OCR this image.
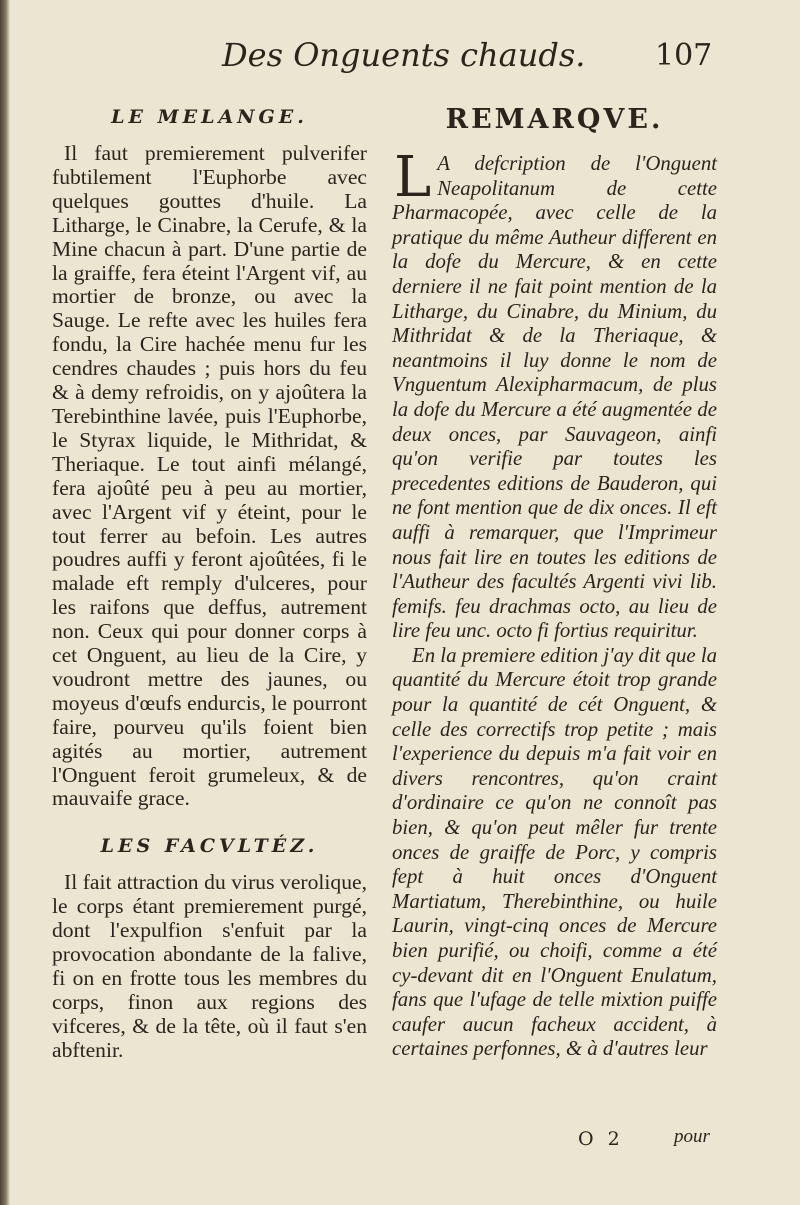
Des Onguents chauds. 107
LE MELANGE.

Il faut premierement pulverifer fubtilement l'Euphorbe avec quelques gouttes d'huile. La Litharge, le Cinabre, la Cerufe, & la Mine chacun à part. D'une partie de la graiffe, fera éteint l'Argent vif, au mortier de bronze, ou avec la Sauge. Le refte avec les huiles fera fondu, la Cire hachée menu fur les cendres chaudes ; puis hors du feu & à demy refroidis, on y ajoûtera la Terebinthine lavée, puis l'Euphorbe, le Styrax liquide, le Mithridat, & Theriaque. Le tout ainfi mélangé, fera ajoûté peu à peu au mortier, avec l'Argent vif y éteint, pour le tout ferrer au befoin. Les autres poudres auffi y feront ajoûtées, fi le malade eft remply d'ulceres, pour les raifons que deffus, autrement non. Ceux qui pour donner corps à cet Onguent, au lieu de la Cire, y voudront mettre des jaunes, ou moyeus d'œufs endurcis, le pourront faire, pourveu qu'ils foient bien agités au mortier, autrement l'Onguent feroit grumeleux, & de mauvaife grace.

LES FACVLTÉZ.

Il fait attraction du virus verolique, le corps étant premierement purgé, dont l'expulfion s'enfuit par la provocation abondante de la falive, fi on en frotte tous les membres du corps, finon aux regions des vifceres, & de la tête, où il faut s'en abftenir.

REMARQVE.

L A defcription de l'Onguent Neapolitanum de cette Pharmacopée, avec celle de la pratique du même Autheur different en la dofe du Mercure, & en cette derniere il ne fait point mention de la Litharge, du Cinabre, du Minium, du Mithridat & de la Theriaque, & neantmoins il luy donne le nom de Vnguentum Alexipharmacum, de plus la dofe du Mercure a été augmentée de deux onces, par Sauvageon, ainfi qu'on verifie par toutes les precedentes editions de Bauderon, qui ne font mention que de dix onces. Il eft auffi à remarquer, que l'Imprimeur nous fait lire en toutes les editions de l'Autheur des facultés Argenti vivi lib. femifs. feu drachmas octo, au lieu de lire feu unc. octo fi fortius requiritur.

En la premiere edition j'ay dit que la quantité du Mercure étoit trop grande pour la quantité de cét Onguent, & celle des correctifs trop petite ; mais l'experience du depuis m'a fait voir en divers rencontres, qu'on craint d'ordinaire ce qu'on ne connoît pas bien, & qu'on peut mêler fur trente onces de graiffe de Porc, y compris fept à huit onces d'Onguent Martiatum, Therebinthine, ou huile Laurin, vingt-cinq onces de Mercure bien purifié, ou choifi, comme a été cy-devant dit en l'Onguent Enulatum, fans que l'ufage de telle mixtion puiffe caufer aucun facheux accident, à certaines perfonnes, & à d'autres leur

O 2	pour
